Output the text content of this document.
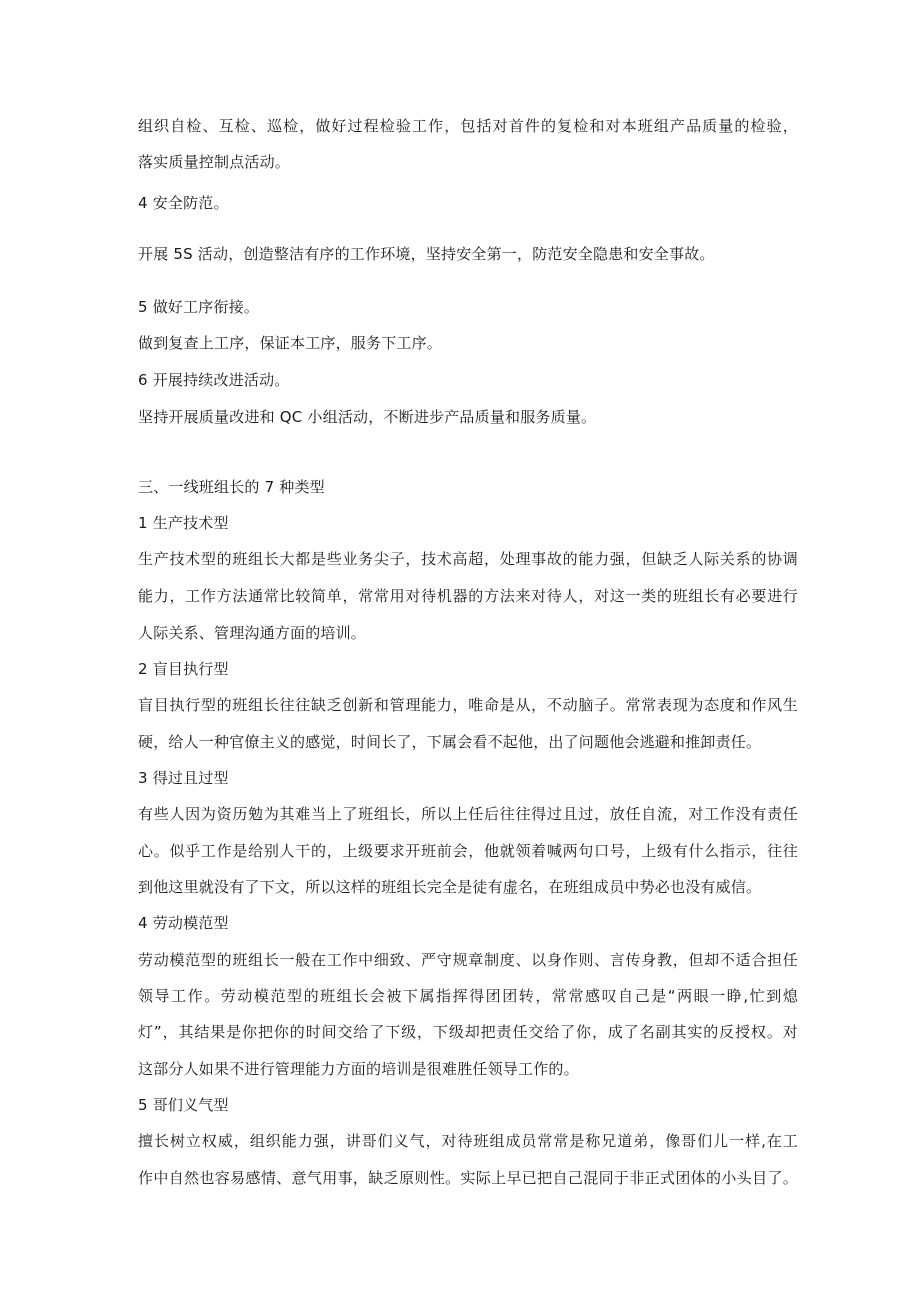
组织自检、互检、巡检，做好过程检验工作，包括对首件的复检和对本班组产品质量的检验，
落实质量控制点活动。
4 安全防范。
开展 5S 活动，创造整洁有序的工作环境，坚持安全第一，防范安全隐患和安全事故。
5 做好工序衔接。
做到复查上工序，保证本工序，服务下工序。
6 开展持续改进活动。
坚持开展质量改进和 QC 小组活动，不断进步产品质量和服务质量。
三、一线班组长的 7 种类型
1 生产技术型
生产技术型的班组长大都是些业务尖子，技术高超，处理事故的能力强，但缺乏人际关系的协调
能力，工作方法通常比较简单，常常用对待机器的方法来对待人，对这一类的班组长有必要进行
人际关系、管理沟通方面的培训。
2 盲目执行型
盲目执行型的班组长往往缺乏创新和管理能力，唯命是从，不动脑子。常常表现为态度和作风生
硬，给人一种官僚主义的感觉，时间长了，下属会看不起他，出了问题他会逃避和推卸责任。
3 得过且过型
有些人因为资历勉为其难当上了班组长，所以上任后往往得过且过，放任自流，对工作没有责任
心。似乎工作是给别人干的，上级要求开班前会，他就领着喊两句口号，上级有什么指示，往往
到他这里就没有了下文，所以这样的班组长完全是徒有虚名，在班组成员中势必也没有威信。
4 劳动模范型
劳动模范型的班组长一般在工作中细致、严守规章制度、以身作则、言传身教，但却不适合担任
领导工作。劳动模范型的班组长会被下属指挥得团团转，常常感叹自己是“两眼一睁,忙到熄
灯”，其结果是你把你的时间交给了下级，下级却把责任交给了你，成了名副其实的反授权。对
这部分人如果不进行管理能力方面的培训是很难胜任领导工作的。
5 哥们义气型
擅长树立权威，组织能力强，讲哥们义气，对待班组成员常常是称兄道弟，像哥们儿一样,在工
作中自然也容易感情、意气用事，缺乏原则性。实际上早已把自己混同于非正式团体的小头目了。
